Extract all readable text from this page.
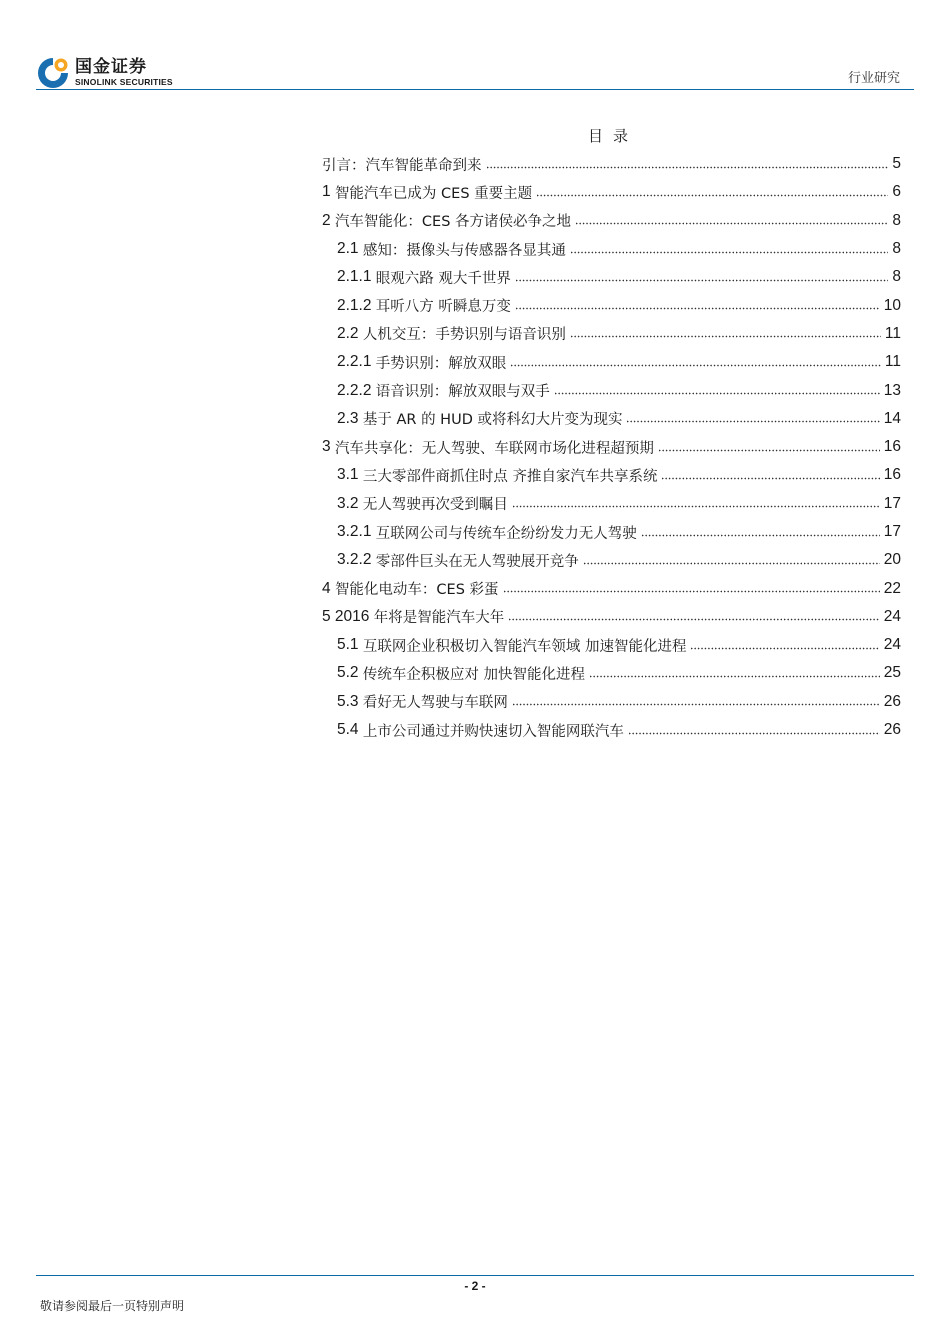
国金证券
SINOLINK SECURITIES	行业研究
目录
引言：汽车智能革命到来	5
1 智能汽车已成为 CES 重要主题	6
2 汽车智能化：CES 各方诸侯必争之地	8
2.1 感知：摄像头与传感器各显其通	8
2.1.1 眼观六路 观大千世界	8
2.1.2 耳听八方 听瞬息万变	10
2.2 人机交互：手势识别与语音识别	11
2.2.1 手势识别：解放双眼	11
2.2.2 语音识别：解放双眼与双手	13
2.3 基于 AR 的 HUD 或将科幻大片变为现实	14
3 汽车共享化：无人驾驶、车联网市场化进程超预期	16
3.1 三大零部件商抓住时点 齐推自家汽车共享系统	16
3.2 无人驾驶再次受到瞩目	17
3.2.1 互联网公司与传统车企纷纷发力无人驾驶	17
3.2.2 零部件巨头在无人驾驶展开竞争	20
4 智能化电动车：CES 彩蛋	22
5 2016 年将是智能汽车大年	24
5.1 互联网企业积极切入智能汽车领域 加速智能化进程	24
5.2 传统车企积极应对 加快智能化进程	25
5.3 看好无人驾驶与车联网	26
5.4 上市公司通过并购快速切入智能网联汽车	26
- 2 -
敬请参阅最后一页特别声明
